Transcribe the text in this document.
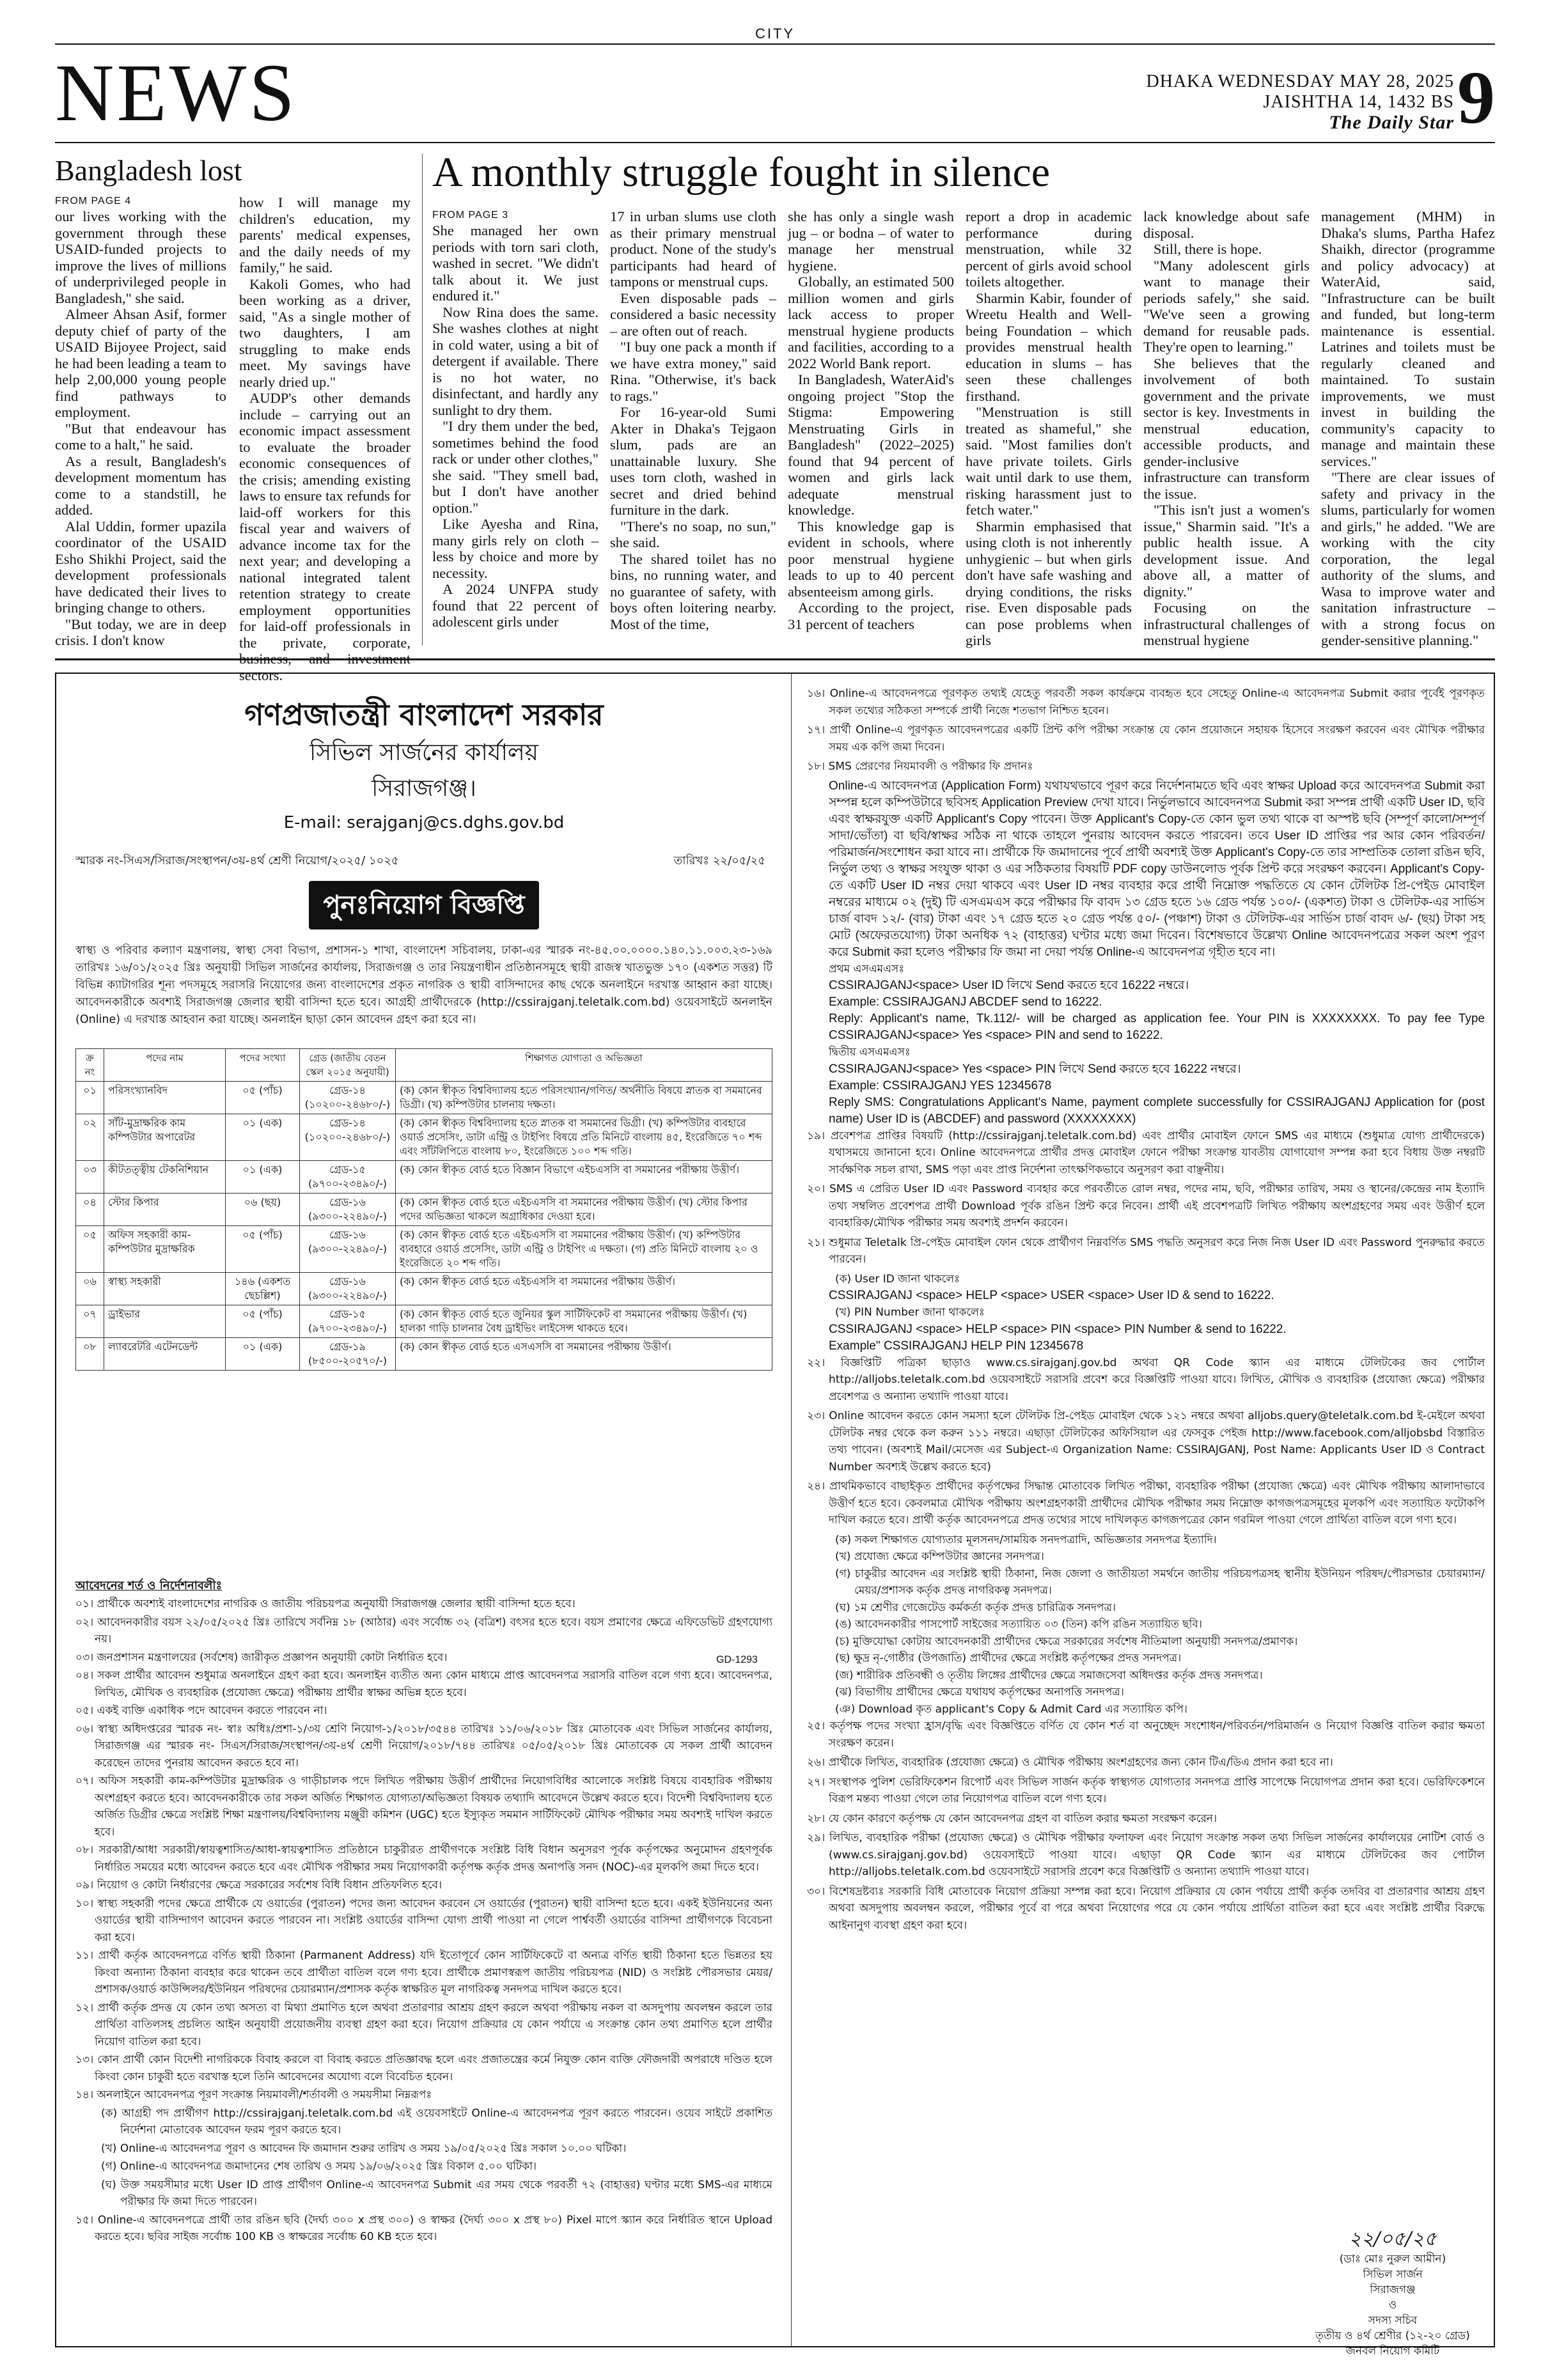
CITY
NEWS	DHAKA WEDNESDAY MAY 28, 2025
JAISHTHA 14, 1432 BS
The Daily Star 9
Bangladesh lost
FROM PAGE 4

our lives working with the government through these USAID-funded projects to improve the lives of millions of underprivileged people in Bangladesh," she said.

Almeer Ahsan Asif, former deputy chief of party of the USAID Bijoyee Project, said he had been leading a team to help 2,00,000 young people find pathways to employment.

"But that endeavour has come to a halt," he said.

As a result, Bangladesh's development momentum has come to a standstill, he added.

Alal Uddin, former upazila coordinator of the USAID Esho Shikhi Project, said the development professionals have dedicated their lives to bringing change to others.

"But today, we are in deep crisis. I don't know

how I will manage my children's education, my parents' medical expenses, and the daily needs of my family," he said.

Kakoli Gomes, who had been working as a driver, said, "As a single mother of two daughters, I am struggling to make ends meet. My savings have nearly dried up."

AUDP's other demands include – carrying out an economic impact assessment to evaluate the broader economic consequences of the crisis; amending existing laws to ensure tax refunds for laid-off workers for this fiscal year and waivers of advance income tax for the next year; and developing a national integrated talent retention strategy to create employment opportunities for laid-off professionals in the private, corporate, business, and investment sectors.

A monthly struggle fought in silence
FROM PAGE 3

She managed her own periods with torn sari cloth, washed in secret. "We didn't talk about it. We just endured it."

Now Rina does the same. She washes clothes at night in cold water, using a bit of detergent if available. There is no hot water, no disinfectant, and hardly any sunlight to dry them.

"I dry them under the bed, sometimes behind the food rack or under other clothes," she said. "They smell bad, but I don't have another option."

Like Ayesha and Rina, many girls rely on cloth – less by choice and more by necessity.

A 2024 UNFPA study found that 22 percent of adolescent girls under

17 in urban slums use cloth as their primary menstrual product. None of the study's participants had heard of tampons or menstrual cups.

Even disposable pads – considered a basic necessity – are often out of reach.

"I buy one pack a month if we have extra money," said Rina. "Otherwise, it's back to rags."

For 16-year-old Sumi Akter in Dhaka's Tejgaon slum, pads are an unattainable luxury. She uses torn cloth, washed in secret and dried behind furniture in the dark.

"There's no soap, no sun," she said.

The shared toilet has no bins, no running water, and no guarantee of safety, with boys often loitering nearby. Most of the time,

she has only a single wash jug – or bodna – of water to manage her menstrual hygiene.

Globally, an estimated 500 million women and girls lack access to proper menstrual hygiene products and facilities, according to a 2022 World Bank report.

In Bangladesh, WaterAid's ongoing project "Stop the Stigma: Empowering Menstruating Girls in Bangladesh" (2022–2025) found that 94 percent of women and girls lack adequate menstrual knowledge.

This knowledge gap is evident in schools, where poor menstrual hygiene leads to up to 40 percent absenteeism among girls.

According to the project, 31 percent of teachers

report a drop in academic performance during menstruation, while 32 percent of girls avoid school toilets altogether.

Sharmin Kabir, founder of Wreetu Health and Well-being Foundation – which provides menstrual health education in slums – has seen these challenges firsthand.

"Menstruation is still treated as shameful," she said. "Most families don't have private toilets. Girls wait until dark to use them, risking harassment just to fetch water."

Sharmin emphasised that using cloth is not inherently unhygienic – but when girls don't have safe washing and drying conditions, the risks rise. Even disposable pads can pose problems when girls

lack knowledge about safe disposal.

Still, there is hope.

"Many adolescent girls want to manage their periods safely," she said. "We've seen a growing demand for reusable pads. They're open to learning."

She believes that the involvement of both government and the private sector is key. Investments in menstrual education, accessible products, and gender-inclusive infrastructure can transform the issue.

"This isn't just a women's issue," Sharmin said. "It's a public health issue. A development issue. And above all, a matter of dignity."

Focusing on the infrastructural challenges of menstrual hygiene

management (MHM) in Dhaka's slums, Partha Hafez Shaikh, director (programme and policy advocacy) at WaterAid, said, "Infrastructure can be built and funded, but long-term maintenance is essential. Latrines and toilets must be regularly cleaned and maintained. To sustain improvements, we must invest in building the community's capacity to manage and maintain these services."

"There are clear issues of safety and privacy in the slums, particularly for women and girls," he added. "We are working with the city corporation, the legal authority of the slums, and Wasa to improve water and sanitation infrastructure – with a strong focus on gender-sensitive planning."

গণপ্রজাতন্ত্রী বাংলাদেশ সরকার
সিভিল সার্জনের কার্যালয়
সিরাজগঞ্জ।
E-mail: serajganj@cs.dghs.gov.bd
স্মারক নং-সিএস/সিরাজ/সংস্থাপন/৩য়-৪র্থ শ্রেণী নিয়োগ/২০২৫/ ১০২৫	তারিখঃ ২২/০৫/২৫
পুনঃনিয়োগ বিজ্ঞপ্তি
স্বাস্থ্য ও পরিবার কল্যাণ মন্ত্রণালয়, স্বাস্থ্য সেবা বিভাগ, প্রশাসন-১ শাখা, বাংলাদেশ সচিবালয়, ঢাকা-এর স্মারক নং-৪৫.০০.০০০০.১৪০.১১.০০৩.২৩-১৬৯ তারিখঃ ১৬/০১/২০২৫ খ্রিঃ অনুযায়ী সিভিল সার্জনের কার্যালয়, সিরাজগঞ্জ ও তার নিয়ন্ত্রণাধীন প্রতিষ্ঠানসমূহে স্থায়ী রাজস্ব খাতভুক্ত ১৭০ (একশত সত্তর) টি বিভিন্ন ক্যাটাগরির শূন্য পদসমূহে সরাসরি নিয়োগের জন্য বাংলাদেশের প্রকৃত নাগরিক ও স্থায়ী বাসিন্দাদের কাছ থেকে অনলাইনে দরখাস্ত আহ্বান করা যাচ্ছে। আবেদনকারীকে অবশ্যই সিরাজগঞ্জ জেলার স্থায়ী বাসিন্দা হতে হবে। আগ্রহী প্রার্থীদেরকে (http://cssirajganj.teletalk.com.bd) ওয়েবসাইটে অনলাইন (Online) এ দরখাস্ত আহবান করা যাচ্ছে। অনলাইন ছাড়া কোন আবেদন গ্রহণ করা হবে না।
ক্র নং	পদের নাম	পদের সংখ্যা	গ্রেড (জাতীয় বেতন স্কেল ২০১৫ অনুযায়ী)	শিক্ষাগত যোগ্যতা ও অভিজ্ঞতা
০১	পরিসংখ্যানবিদ	০৫ (পাঁচ)	গ্রেড-১৪ (১০২০০-২৪৬৮০/-)	(ক) কোন স্বীকৃত বিশ্ববিদ্যালয় হতে পরিসংখ্যান/গণিত/ অর্থনীতি বিষয়ে স্নাতক বা সমমানের ডিগ্রী। (খ) কম্পিউটার চালনায় দক্ষতা।
০২	সাঁট-মুদ্রাক্ষরিক কাম কম্পিউটার অপারেটর	০১ (এক)	গ্রেড-১৪ (১০২০০-২৪৬৮০/-)	(ক) কোন স্বীকৃত বিশ্ববিদ্যালয় হতে স্নাতক বা সমমানের ডিগ্রী। (খ) কম্পিউটার ব্যবহারে ওয়ার্ড প্রসেসিং, ডাটা এন্ট্রি ও টাইপিং বিষয়ে প্রতি মিনিটে বাংলায় ৪৫, ইংরেজিতে ৭০ শব্দ এবং সাঁটলিপিতে বাংলায় ৮০, ইংরেজিতে ১০০ শব্দ গতি।
০৩	কীটতত্ত্বীয় টেকনিশিয়ান	০১ (এক)	গ্রেড-১৫ (৯৭০০-২৩৪৯০/-)	(ক) কোন স্বীকৃত বোর্ড হতে বিজ্ঞান বিভাগে এইচএসসি বা সমমানের পরীক্ষায় উত্তীর্ণ।
০৪	স্টোর কিপার	০৬ (ছয়)	গ্রেড-১৬ (৯৩০০-২২৪৯০/-)	(ক) কোন স্বীকৃত বোর্ড হতে এইচএসসি বা সমমানের পরীক্ষায় উত্তীর্ণ। (খ) স্টোর কিপার পদের অভিজ্ঞতা থাকলে অগ্রাধিকার দেওয়া হবে।
০৫	অফিস সহকারী কাম-কম্পিউটার মুদ্রাক্ষরিক	০৫ (পাঁচ)	গ্রেড-১৬ (৯৩০০-২২৪৯০/-)	(ক) কোন স্বীকৃত বোর্ড হতে এইচএসসি বা সমমানের পরীক্ষায় উত্তীর্ণ। (খ) কম্পিউটার ব্যবহারে ওয়ার্ড প্রসেসিং, ডাটা এন্ট্রি ও টাইপিং এ দক্ষতা। (গ) প্রতি মিনিটে বাংলায় ২০ ও ইংরেজিতে ২০ শব্দ গতি।
০৬	স্বাস্থ্য সহকারী	১৪৬ (একশত ছেচল্লিশ)	গ্রেড-১৬ (৯৩০০-২২৪৯০/-)	(ক) কোন স্বীকৃত বোর্ড হতে এইচএসসি বা সমমানের পরীক্ষায় উত্তীর্ণ।
০৭	ড্রাইভার	০৫ (পাঁচ)	গ্রেড-১৫ (৯৭০০-২৩৪৯০/-)	(ক) কোন স্বীকৃত বোর্ড হতে জুনিয়র স্কুল সার্টিফিকেট বা সমমানের পরীক্ষায় উত্তীর্ণ। (খ) হালকা গাড়ি চালনার বৈধ ড্রাইভিং লাইসেন্স থাকতে হবে।
০৮	ল্যাবরেটরি এটেনডেন্ট	০১ (এক)	গ্রেড-১৯ (৮৫০০-২০৫৭০/-)	(ক) কোন স্বীকৃত বোর্ড হতে এসএসসি বা সমমানের পরীক্ষায় উত্তীর্ণ।
আবেদনের শর্ত ও নির্দেশনাবলীঃ
০১। প্রার্থীকে অবশ্যই বাংলাদেশের নাগরিক ও জাতীয় পরিচয়পত্র অনুযায়ী সিরাজগঞ্জ জেলার স্থায়ী বাসিন্দা হতে হবে।
০২। আবেদনকারীর বয়স ২২/০৫/২০২৫ খ্রিঃ তারিখে সর্বনিম্ন ১৮ (আঠার) এবং সর্বোচ্চ ৩২ (বত্রিশ) বৎসর হতে হবে। বয়স প্রমাণের ক্ষেত্রে এফিডেভিট গ্রহণযোগ্য নয়।
০৩। জনপ্রশাসন মন্ত্রণালয়ের (সর্বশেষ) জারীকৃত প্রজ্ঞাপন অনুযায়ী কোটা নির্ধারিত হবে।
০৪। সকল প্রার্থীর আবেদন শুধুমাত্র অনলাইনে গ্রহণ করা হবে। অনলাইন ব্যতীত অন্য কোন মাধ্যমে প্রাপ্ত আবেদনপত্র সরাসরি বাতিল বলে গণ্য হবে। আবেদনপত্র, লিখিত, মৌখিক ও ব্যবহারিক (প্রযোজ্য ক্ষেত্রে) পরীক্ষায় প্রার্থীর স্বাক্ষর অভিন্ন হতে হবে।
০৫। একই ব্যক্তি একাধিক পদে আবেদন করতে পারবেন না।
০৬। স্বাস্থ্য অধিদপ্তরের স্মারক নং- স্বাঃ অধিঃ/প্রশা-১/৩য় শ্রেণি নিয়োগ-১/২০১৮/৩৫৪৪ তারিখঃ ১১/০৬/২০১৮ খ্রিঃ মোতাবেক এবং সিভিল সার্জনের কার্যালয়, সিরাজগঞ্জ এর স্মারক নং- সিএস/সিরাজ/সংস্থাপন/৩য়-৪র্থ শ্রেণী নিয়োগ/২০১৮/৭৪৪ তারিখঃ ০৫/০৫/২০১৮ খ্রিঃ মোতাবেক যে সকল প্রার্থী আবেদন করেছেন তাদের পুনরায় আবেদন করতে হবে না।
০৭। অফিস সহকারী কাম-কম্পিউটার মুদ্রাক্ষরিক ও গাড়ীচালক পদে লিখিত পরীক্ষায় উত্তীর্ণ প্রার্থীদের নিয়োগবিধির আলোকে সংশ্লিষ্ট বিষয়ে ব্যবহারিক পরীক্ষায় অংশগ্রহণ করতে হবে। আবেদনকারীকে তার সকল অর্জিত শিক্ষাগত যোগ্যতা/অভিজ্ঞতা বিষয়ক তথ্যাদি আবেদনে উল্লেখ করতে হবে। বিদেশী বিশ্ববিদ্যালয় হতে অর্জিত ডিগ্রীর ক্ষেত্রে সংশ্লিষ্ট শিক্ষা মন্ত্রণালয়/বিশ্ববিদ্যালয় মঞ্জুরী কমিশন (UGC) হতে ইস্যুকৃত সমমান সার্টিফিকেট মৌখিক পরীক্ষার সময় অবশ্যই দাখিল করতে হবে।
০৮। সরকারী/আধা সরকারী/স্বায়ত্বশাসিত/আধা-স্বায়ত্বশাসিত প্রতিষ্ঠানে চাকুরীরত প্রার্থীগণকে সংশ্লিষ্ট বিধি বিধান অনুসরণ পূর্বক কর্তৃপক্ষের অনুমোদন গ্রহণপূর্বক নির্ধারিত সময়ের মধ্যে আবেদন করতে হবে এবং মৌখিক পরীক্ষার সময় নিয়োগকারী কর্তৃপক্ষ কর্তৃক প্রদত্ত অনাপত্তি সনদ (NOC)-এর মূলকপি জমা দিতে হবে।
০৯। নিয়োগ ও কোটা নির্ধারণের ক্ষেত্রে সরকারের সর্বশেষ বিধি বিধান প্রতিফলিত হবে।
১০। স্বাস্থ্য সহকারী পদের ক্ষেত্রে প্রার্থীকে যে ওয়ার্ডের (পুরাতন) পদের জন্য আবেদন করবেন সে ওয়ার্ডের (পুরাতন) স্থায়ী বাসিন্দা হতে হবে। একই ইউনিয়নের অন্য ওয়ার্ডের স্থায়ী বাসিন্দাগণ আবেদন করতে পারবেন না। সংশ্লিষ্ট ওয়ার্ডের বাসিন্দা যোগ্য প্রার্থী পাওয়া না গেলে পার্শ্ববর্তী ওয়ার্ডের বাসিন্দা প্রার্থীগণকে বিবেচনা করা হবে।
১১। প্রার্থী কর্তৃক আবেদনপত্রে বর্ণিত স্থায়ী ঠিকানা (Parmanent Address) যদি ইতোপূর্বে কোন সার্টিফিকেটে বা অন্যত্র বর্ণিত স্থায়ী ঠিকানা হতে ভিন্নতর হয় কিংবা অন্যান্য ঠিকানা ব্যবহার করে থাকেন তবে প্রার্থীতা বাতিল বলে গণ্য হবে। প্রার্থীকে প্রমাণস্বরূপ জাতীয় পরিচয়পত্র (NID) ও সংশ্লিষ্ট পৌরসভার মেয়র/প্রশাসক/ওয়ার্ড কাউন্সিলর/ইউনিয়ন পরিষদের চেয়ারম্যান/প্রশাসক কর্তৃক স্বাক্ষরিত মূল নাগরিকত্ব সনদপত্র দাখিল করতে হবে।
১২। প্রার্থী কর্তৃক প্রদত্ত যে কোন তথ্য অসত্য বা মিথ্যা প্রমাণিত হলে অথবা প্রতারণার আশ্রয় গ্রহণ করলে অথবা পরীক্ষায় নকল বা অসদুপায় অবলম্বন করলে তার প্রার্থিতা বাতিলসহ প্রচলিত আইন অনুযায়ী প্রয়োজনীয় ব্যবস্থা গ্রহণ করা হবে। নিয়োগ প্রক্রিয়ার যে কোন পর্যায়ে এ সংক্রান্ত কোন তথ্য প্রমাণিত হলে প্রার্থীর নিয়োগ বাতিল করা হবে।
১৩। কোন প্রার্থী কোন বিদেশী নাগরিককে বিবাহ করলে বা বিবাহ করতে প্রতিজ্ঞাবদ্ধ হলে এবং প্রজাতন্ত্রের কর্মে নিযুক্ত কোন ব্যক্তি ফৌজদারী অপরাধে দণ্ডিত হলে কিংবা কোন চাকুরী হতে বরখাস্ত হলে তিনি আবেদনের অযোগ্য বলে বিবেচিত হবেন।
১৪। অনলাইনে আবেদনপত্র পূরণ সংক্রান্ত নিয়মাবলী/শর্তাবলী ও সময়সীমা নিম্নরূপঃ
(ক) আগ্রহী পদ প্রার্থীগণ http://cssirajganj.teletalk.com.bd এই ওয়েবসাইটে Online-এ আবেদনপত্র পূরণ করতে পারবেন। ওয়েব সাইটে প্রকাশিত নির্দেশনা মোতাবেক আবেদন ফরম পূরণ করতে হবে।
(খ) Online-এ আবেদনপত্র পূরণ ও আবেদন ফি জমাদান শুরুর তারিখ ও সময় ১৯/০৫/২০২৫ খ্রিঃ সকাল ১০.০০ ঘটিকা।
(গ) Online-এ আবেদনপত্র জমাদানের শেষ তারিখ ও সময় ১৯/০৬/২০২৫ খ্রিঃ বিকাল ৫.০০ ঘটিকা।
(ঘ) উক্ত সময়সীমার মধ্যে User ID প্রাপ্ত প্রার্থীগণ Online-এ আবেদনপত্র Submit এর সময় থেকে পরবর্তী ৭২ (বাহাত্তর) ঘণ্টার মধ্যে SMS-এর মাধ্যমে পরীক্ষার ফি জমা দিতে পারবেন।
১৫। Online-এ আবেদনপত্রে প্রার্থী তার রঙিন ছবি (দৈর্ঘ্য ৩০০ x প্রস্থ ৩০০) ও স্বাক্ষর (দৈর্ঘ্য ৩০০ x প্রস্থ ৮০) Pixel মাপে স্ক্যান করে নির্ধারিত স্থানে Upload করতে হবে। ছবির সাইজ সর্বোচ্চ 100 KB ও স্বাক্ষরের সর্বোচ্চ 60 KB হতে হবে।
১৬। Online-এ আবেদনপত্রে পূরণকৃত তথ্যই যেহেতু পরবর্তী সকল কার্যক্রমে ব্যবহৃত হবে সেহেতু Online-এ আবেদনপত্র Submit করার পূর্বেই পূরণকৃত সকল তথ্যের সঠিকতা সম্পর্কে প্রার্থী নিজে শতভাগ নিশ্চিত হবেন।
১৭। প্রার্থী Online-এ পূরণকৃত আবেদনপত্রের একটি প্রিন্ট কপি পরীক্ষা সংক্রান্ত যে কোন প্রয়োজনে সহায়ক হিসেবে সংরক্ষণ করবেন এবং মৌখিক পরীক্ষার সময় এক কপি জমা দিবেন।
১৮। SMS প্রেরণের নিয়মাবলী ও পরীক্ষার ফি প্রদানঃ
Online-এ আবেদনপত্র (Application Form) যথাযথভাবে পূরণ করে নির্দেশনামতে ছবি এবং স্বাক্ষর Upload করে আবেদনপত্র Submit করা সম্পন্ন হলে কম্পিউটারে ছবিসহ Application Preview দেখা যাবে। নির্ভুলভাবে আবেদনপত্র Submit করা সম্পন্ন প্রার্থী একটি User ID, ছবি এবং স্বাক্ষরযুক্ত একটি Applicant's Copy পাবেন। উক্ত Applicant's Copy-তে কোন ভুল তথ্য থাকে বা অস্পষ্ট ছবি (সম্পূর্ণ কালো/সম্পূর্ণ সাদা/ভোঁতা) বা ছবি/স্বাক্ষর সঠিক না থাকে তাহলে পুনরায় আবেদন করতে পারবেন। তবে User ID প্রাপ্তির পর আর কোন পরিবর্তন/পরিমার্জন/সংশোধন করা যাবে না। প্রার্থীকে ফি জমাদানের পূর্বে প্রার্থী অবশ্যই উক্ত Applicant's Copy-তে তার সাম্প্রতিক তোলা রঙিন ছবি, নির্ভুল তথ্য ও স্বাক্ষর সংযুক্ত থাকা ও এর সঠিকতার বিষয়টি PDF copy ডাউনলোড পূর্বক প্রিন্ট করে সংরক্ষণ করবেন। Applicant's Copy-তে একটি User ID নম্বর দেয়া থাকবে এবং User ID নম্বর ব্যবহার করে প্রার্থী নিম্নোক্ত পদ্ধতিতে যে কোন টেলিটক প্রি-পেইড মোবাইল নম্বরের মাধ্যমে ০২ (দুই) টি এসএমএস করে পরীক্ষার ফি বাবদ ১৩ গ্রেড হতে ১৬ গ্রেড পর্যন্ত ১০০/- (একশত) টাকা ও টেলিটক-এর সার্ভিস চার্জ বাবদ ১২/- (বার) টাকা এবং ১৭ গ্রেড হতে ২০ গ্রেড পর্যন্ত ৫০/- (পঞ্চাশ) টাকা ও টেলিটক-এর সার্ভিস চার্জ বাবদ ৬/- (ছয়) টাকা সহ মোট (অফেরতযোগ্য) টাকা অনধিক ৭২ (বাহাত্তর) ঘণ্টার মধ্যে জমা দিবেন। বিশেষভাবে উল্লেখ্য Online আবেদনপত্রের সকল অংশ পূরণ করে Submit করা হলেও পরীক্ষার ফি জমা না দেয়া পর্যন্ত Online-এ আবেদনপত্র গৃহীত হবে না।
প্রথম এসএমএসঃ
CSSIRAJGANJ<space> User ID লিখে Send করতে হবে 16222 নম্বরে।
Example: CSSIRAJGANJ ABCDEF send to 16222.
Reply: Applicant's name, Tk.112/- will be charged as application fee. Your PIN is XXXXXXXX. To pay fee Type CSSIRAJGANJ<space> Yes <space> PIN and send to 16222.
দ্বিতীয় এসএমএসঃ
CSSIRAJGANJ<space> Yes <space> PIN লিখে Send করতে হবে 16222 নম্বরে।
Example: CSSIRAJGANJ YES 12345678
Reply SMS: Congratulations Applicant's Name, payment complete successfully for CSSIRAJGANJ Application for (post name) User ID is (ABCDEF) and password (XXXXXXXX)
১৯। প্রবেশপত্র প্রাপ্তির বিষয়টি (http://cssirajganj.teletalk.com.bd) এবং প্রার্থীর মোবাইল ফোনে SMS এর মাধ্যমে (শুধুমাত্র যোগ্য প্রার্থীদেরকে) যথাসময়ে জানানো হবে। Online আবেদনপত্রে প্রার্থীর প্রদত্ত মোবাইল ফোনে পরীক্ষা সংক্রান্ত যাবতীয় যোগাযোগ সম্পন্ন করা হবে বিধায় উক্ত নম্বরটি সার্বক্ষণিক সচল রাখা, SMS পড়া এবং প্রাপ্ত নির্দেশনা তাৎক্ষণিকভাবে অনুসরণ করা বাঞ্ছনীয়।
২০। SMS এ প্রেরিত User ID এবং Password ব্যবহার করে পরবর্তীতে রোল নম্বর, পদের নাম, ছবি, পরীক্ষার তারিখ, সময় ও স্থানের/কেন্দ্রের নাম ইত্যাদি তথ্য সম্বলিত প্রবেশপত্র প্রার্থী Download পূর্বক রঙিন প্রিন্ট করে নিবেন। প্রার্থী এই প্রবেশপত্রটি লিখিত পরীক্ষায় অংশগ্রহণের সময় এবং উত্তীর্ণ হলে ব্যবহারিক/মৌখিক পরীক্ষার সময় অবশ্যই প্রদর্শন করবেন।
২১। শুধুমাত্র Teletalk প্রি-পেইড মোবাইল ফোন থেকে প্রার্থীগণ নিম্নবর্ণিত SMS পদ্ধতি অনুসরণ করে নিজ নিজ User ID এবং Password পুনরুদ্ধার করতে পারবেন।
(ক) User ID জানা থাকলেঃ
CSSIRAJGANJ <space> HELP <space> USER <space> User ID & send to 16222.
(খ) PIN Number জানা থাকলেঃ
CSSIRAJGANJ <space> HELP <space> PIN <space> PIN Number & send to 16222.
Example" CSSIRAJGANJ HELP PIN 12345678
২২। বিজ্ঞপ্তিটি পত্রিকা ছাড়াও www.cs.sirajganj.gov.bd অথবা QR Code স্ক্যান এর মাধ্যমে টেলিটকের জব পোর্টাল http://alljobs.teletalk.com.bd ওয়েবসাইটে সরাসরি প্রবেশ করে বিজ্ঞপ্তিটি পাওয়া যাবে। লিখিত, মৌখিক ও ব্যবহারিক (প্রযোজ্য ক্ষেত্রে) পরীক্ষার প্রবেশপত্র ও অন্যান্য তথ্যাদি পাওয়া যাবে।
২৩। Online আবেদন করতে কোন সমস্যা হলে টেলিটক প্রি-পেইড মোবাইল থেকে ১২১ নম্বরে অথবা alljobs.query@teletalk.com.bd ই-মেইলে অথবা টেলিটক নম্বর থেকে কল করুন ১১১ নম্বরে। এছাড়া টেলিটকের অফিসিয়াল এর ফেসবুক পেইজ http://www.facebook.com/alljobsbd বিস্তারিত তথ্য পাবেন। (অবশ্যই Mail/মেসেজ এর Subject-এ Organization Name: CSSIRAJGANJ, Post Name: Applicants User ID ও Contract Number অবশ্যই উল্লেখ করতে হবে)
২৪। প্রাথমিকভাবে বাছাইকৃত প্রার্থীদের কর্তৃপক্ষের সিদ্ধান্ত মোতাবেক লিখিত পরীক্ষা, ব্যবহারিক পরীক্ষা (প্রযোজ্য ক্ষেত্রে) এবং মৌখিক পরীক্ষায় আলাদাভাবে উত্তীর্ণ হতে হবে। কেবলমাত্র মৌখিক পরীক্ষায় অংশগ্রহণকারী প্রার্থীদের মৌখিক পরীক্ষার সময় নিম্নোক্ত কাগজপত্রসমূহের মূলকপি এবং সত্যায়িত ফটোকপি দাখিল করতে হবে। প্রার্থী কর্তৃক আবেদনপত্রে প্রদত্ত তথ্যের সাথে দাখিলকৃত কাগজপত্রের কোন গরমিল পাওয়া গেলে প্রার্থিতা বাতিল বলে গণ্য হবে।
(ক) সকল শিক্ষাগত যোগ্যতার মূলসনদ/সাময়িক সনদপত্রাদি, অভিজ্ঞতার সনদপত্র ইত্যাদি।
(খ) প্রযোজ্য ক্ষেত্রে কম্পিউটার জ্ঞানের সনদপত্র।
(গ) চাকুরীর আবেদন এর সংশ্লিষ্ট স্থায়ী ঠিকানা, নিজ জেলা ও জাতীয়তা সমর্থনে জাতীয় পরিচয়পত্রসহ স্থানীয় ইউনিয়ন পরিষদ/পৌরসভার চেয়ারম্যান/মেয়র/প্রশাসক কর্তৃক প্রদত্ত নাগরিকত্ব সনদপত্র।
(ঘ) ১ম শ্রেণীর গেজেটেড কর্মকর্তা কর্তৃক প্রদত্ত চারিত্রিক সনদপত্র।
(ঙ) আবেদনকারীর পাসপোর্ট সাইজের সত্যায়িত ০৩ (তিন) কপি রঙিন সত্যায়িত ছবি।
(চ) মুক্তিযোদ্ধা কোটায় আবেদনকারী প্রার্থীদের ক্ষেত্রে সরকারের সর্বশেষ নীতিমালা অনুযায়ী সনদপত্র/প্রমাণক।
(ছ) ক্ষুদ্র নৃ-গোষ্ঠীর (উপজাতি) প্রার্থীদের ক্ষেত্রে সংশ্লিষ্ট কর্তৃপক্ষের প্রদত্ত সনদপত্র।
(জ) শারীরিক প্রতিবন্ধী ও তৃতীয় লিঙ্গের প্রার্থীদের ক্ষেত্রে সমাজসেবা অধিদপ্তর কর্তৃক প্রদত্ত সনদপত্র।
(ঝ) বিভাগীয় প্রার্থীদের ক্ষেত্রে যথাযথ কর্তৃপক্ষের অনাপত্তি সনদপত্র।
(ঞ) Download কৃত applicant's Copy & Admit Card এর সত্যায়িত কপি।
২৫। কর্তৃপক্ষ পদের সংখ্যা হ্রাস/বৃদ্ধি এবং বিজ্ঞপ্তিতে বর্ণিত যে কোন শর্ত বা অনুচ্ছেদ সংশোধন/পরিবর্তন/পরিমার্জন ও নিয়োগ বিজ্ঞপ্তি বাতিল করার ক্ষমতা সংরক্ষণ করেন।
২৬। প্রার্থীকে লিখিত, ব্যবহারিক (প্রযোজ্য ক্ষেত্রে) ও মৌখিক পরীক্ষায় অংশগ্রহণের জন্য কোন টিএ/ডিএ প্রদান করা হবে না।
২৭। সংস্থাপক পুলিশ ভেরিফিকেশন রিপোর্ট এবং সিভিল সার্জন কর্তৃক স্বাস্থ্যগত যোগ্যতার সনদপত্র প্রাপ্তি সাপেক্ষে নিয়োগপত্র প্রদান করা হবে। ভেরিফিকেশনে বিরূপ মন্তব্য পাওয়া গেলে তার নিয়োগপত্র বাতিল বলে গণ্য হবে।
২৮। যে কোন কারণে কর্তৃপক্ষ যে কোন আবেদনপত্র গ্রহণ বা বাতিল করার ক্ষমতা সংরক্ষণ করেন।
২৯। লিখিত, ব্যবহারিক পরীক্ষা (প্রযোজ্য ক্ষেত্রে) ও মৌখিক পরীক্ষার ফলাফল এবং নিয়োগ সংক্রান্ত সকল তথ্য সিভিল সার্জনের কার্যালয়ের নোটিশ বোর্ড ও (www.cs.sirajganj.gov.bd) ওয়েবসাইটে পাওয়া যাবে। এছাড়া QR Code স্ক্যান এর মাধ্যমে টেলিটকের জব পোর্টাল http://alljobs.teletalk.com.bd ওয়েবসাইটে সরাসরি প্রবেশ করে বিজ্ঞপ্তিটি ও অন্যান্য তথ্যাদি পাওয়া যাবে।
৩০। বিশেষদ্রষ্টব্যঃ সরকারি বিধি মোতাবেক নিয়োগ প্রক্রিয়া সম্পন্ন করা হবে। নিয়োগ প্রক্রিয়ার যে কোন পর্যায়ে প্রার্থী কর্তৃক তদবির বা প্রতারণার আশ্রয় গ্রহণ অথবা অসদুপায় অবলম্বন করলে, পরীক্ষার পূর্বে বা পরে অথবা নিয়োগের পরে যে কোন পর্যায়ে প্রার্থিতা বাতিল করা হবে এবং সংশ্লিষ্ট প্রার্থীর বিরুদ্ধে আইনানুগ ব্যবস্থা গ্রহণ করা হবে।
২২/০৫/২৫
(ডাঃ মোঃ নুরুল আমীন)
সিভিল সার্জন
সিরাজগঞ্জ
ও
সদস্য সচিব
তৃতীয় ও ৪র্থ শ্রেণীর (১২-২০ গ্রেড) জনবল নিয়োগ কমিটি
GD-1293
